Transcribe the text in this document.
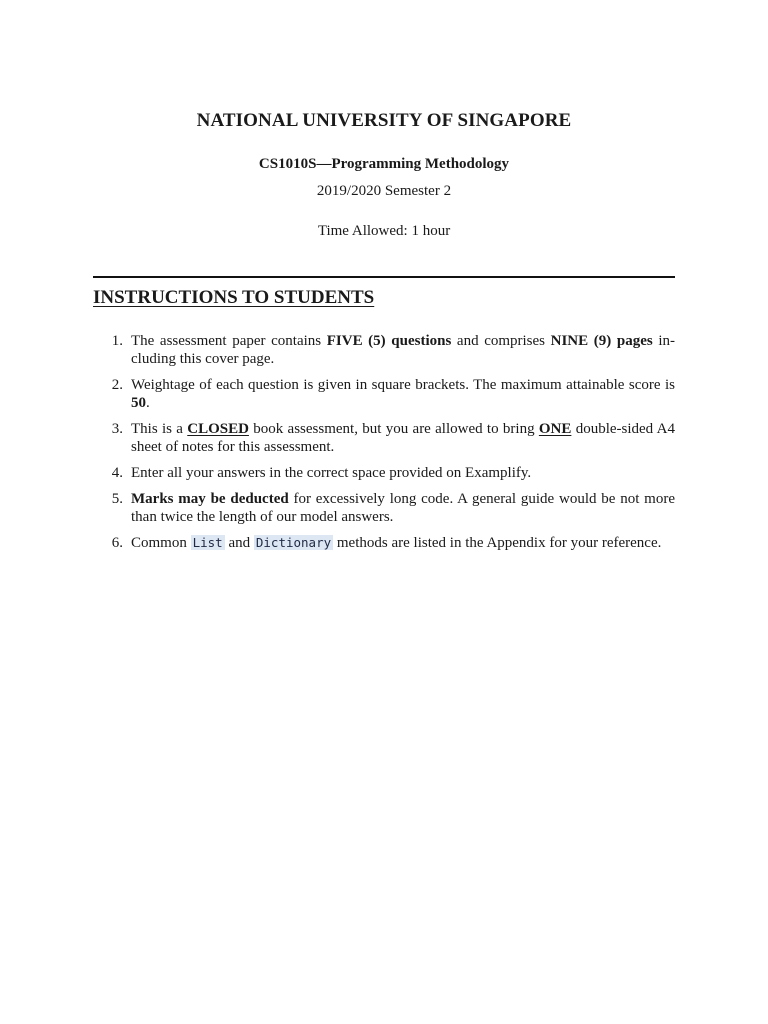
NATIONAL UNIVERSITY OF SINGAPORE
CS1010S—Programming Methodology
2019/2020 Semester 2
Time Allowed: 1 hour
INSTRUCTIONS TO STUDENTS
1. The assessment paper contains FIVE (5) questions and comprises NINE (9) pages in-cluding this cover page.
2. Weightage of each question is given in square brackets. The maximum attainable score is 50.
3. This is a CLOSED book assessment, but you are allowed to bring ONE double-sided A4 sheet of notes for this assessment.
4. Enter all your answers in the correct space provided on Examplify.
5. Marks may be deducted for excessively long code. A general guide would be not more than twice the length of our model answers.
6. Common List and Dictionary methods are listed in the Appendix for your reference.
